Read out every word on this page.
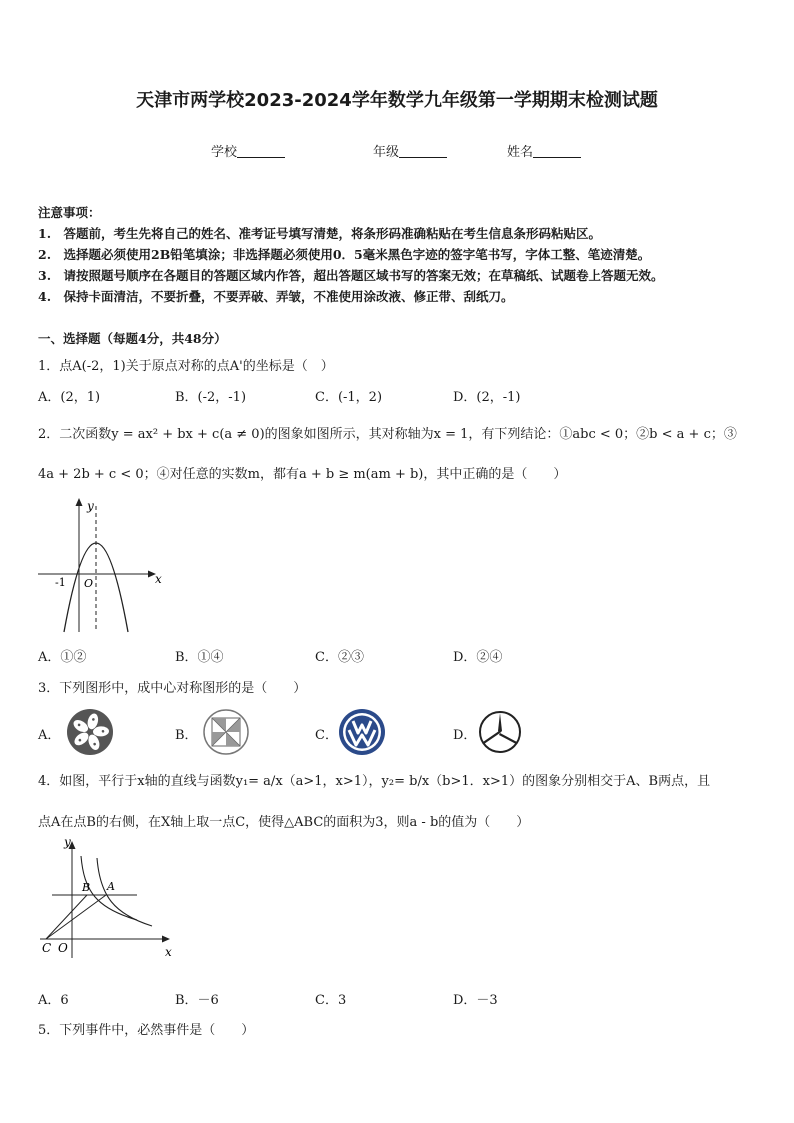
天津市两学校2023-2024学年数学九年级第一学期期末检测试题
学校	年级	姓名
注意事项：
1.　答题前，考生先将自己的姓名、准考证号填写清楚，将条形码准确粘贴在考生信息条形码粘贴区。
2.　选择题必须使用2B铅笔填涂；非选择题必须使用0．5毫米黑色字迹的签字笔书写，字体工整、笔迹清楚。
3.　请按照题号顺序在各题目的答题区域内作答，超出答题区域书写的答案无效；在草稿纸、试题卷上答题无效。
4.　保持卡面清洁，不要折叠，不要弄破、弄皱，不准使用涂改液、修正带、刮纸刀。
一、选择题（每题4分，共48分）
1．点A(-2，1)关于原点对称的点A'的坐标是（　）
A．(2，1)	B．(-2，-1)	C．(-1，2)	D．(2，-1)
2．二次函数y = ax² + bx + c(a ≠ 0)的图象如图所示，其对称轴为x = 1，有下列结论：①abc < 0；②b < a + c；③
4a + 2b + c < 0；④对任意的实数m，都有a + b ≥ m(am + b)，其中正确的是（　　）
y
x
O
-1
A．①②	B．①④	C．②③	D．②④
3．下列图形中，成中心对称图形的是（　　）
A．	B．	C．	D．
4．如图，平行于x轴的直线与函数y₁= a/x（a>1，x>1），y₂= b/x（b>1．x>1）的图象分别相交于A、B两点，且
点A在点B的右侧，在X轴上取一点C，使得△ABC的面积为3，则a - b的值为（　　）
y
x
B A
C O
A．6	B．－6	C．3	D．－3
5．下列事件中，必然事件是（　　）
